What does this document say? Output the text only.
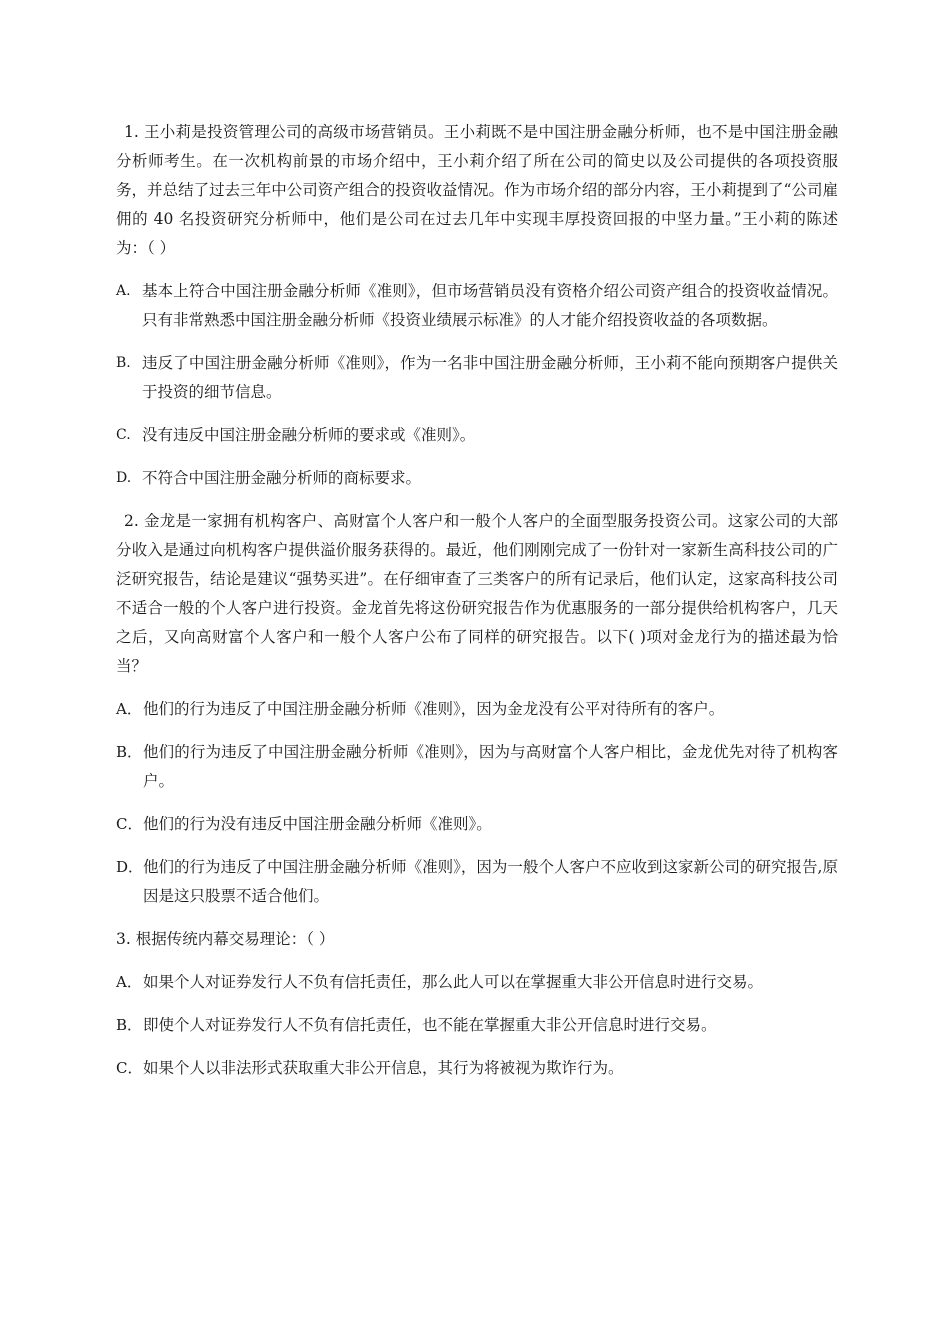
1. 王小莉是投资管理公司的高级市场营销员。王小莉既不是中国注册金融分析师，也不是中国注册金融分析师考生。在一次机构前景的市场介绍中，王小莉介绍了所在公司的简史以及公司提供的各项投资服务，并总结了过去三年中公司资产组合的投资收益情况。作为市场介绍的部分内容，王小莉提到了“公司雇佣的 40 名投资研究分析师中，他们是公司在过去几年中实现丰厚投资回报的中坚力量。”王小莉的陈述为：（ ）

A. 基本上符合中国注册金融分析师《准则》，但市场营销员没有资格介绍公司资产组合的投资收益情况。 只有非常熟悉中国注册金融分析师《投资业绩展示标准》的人才能介绍投资收益的各项数据。
B. 违反了中国注册金融分析师《准则》，作为一名非中国注册金融分析师，王小莉不能向预期客户提供关于投资的细节信息。
C. 没有违反中国注册金融分析师的要求或《准则》。
D. 不符合中国注册金融分析师的商标要求。

2. 金龙是一家拥有机构客户、高财富个人客户和一般个人客户的全面型服务投资公司。这家公司的大部分收入是通过向机构客户提供溢价服务获得的。最近，他们刚刚完成了一份针对一家新生高科技公司的广泛研究报告，结论是建议“强势买进”。在仔细审查了三类客户的所有记录后，他们认定，这家高科技公司不适合一般的个人客户进行投资。金龙首先将这份研究报告作为优惠服务的一部分提供给机构客户，几天之后，又向高财富个人客户和一般个人客户公布了同样的研究报告。以下( )项对金龙行为的描述最为恰当？

A． 他们的行为违反了中国注册金融分析师《准则》，因为金龙没有公平对待所有的客户。
B． 他们的行为违反了中国注册金融分析师《准则》，因为与高财富个人客户相比，金龙优先对待了机构客户。
C． 他们的行为没有违反中国注册金融分析师《准则》。
D． 他们的行为违反了中国注册金融分析师《准则》，因为一般个人客户不应收到这家新公司的研究报告,原因是这只股票不适合他们。

3. 根据传统内幕交易理论：（ ）

A． 如果个人对证券发行人不负有信托责任，那么此人可以在掌握重大非公开信息时进行交易。
B． 即使个人对证券发行人不负有信托责任，也不能在掌握重大非公开信息时进行交易。
C． 如果个人以非法形式获取重大非公开信息，其行为将被视为欺诈行为。
